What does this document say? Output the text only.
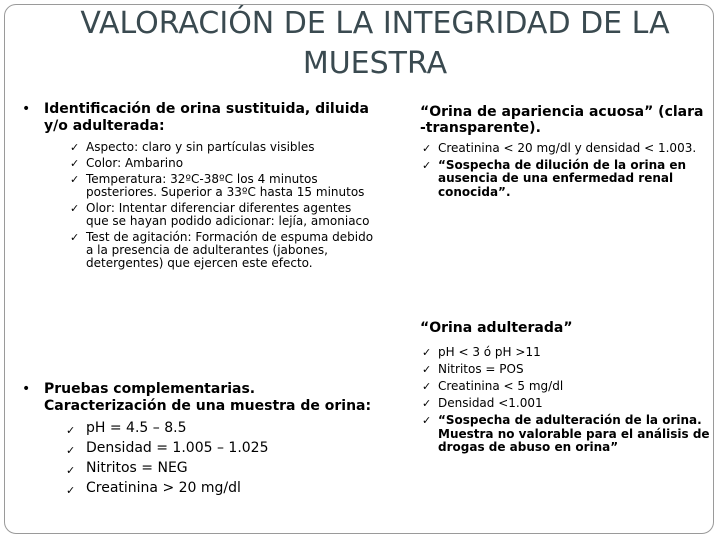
VALORACIÓN DE LA INTEGRIDAD DE LA MUESTRA
• Identificación de orina sustituida, diluida y/o adulterada:
✓ Aspecto: claro y sin partículas visibles
✓ Color: Ambarino
✓ Temperatura: 32ºC-38ºC los 4 minutos posteriores. Superior a 33ºC hasta 15 minutos
✓ Olor: Intentar diferenciar diferentes agentes que se hayan podido adicionar: lejía, amoniaco
✓ Test de agitación: Formación de espuma debido a la presencia de adulterantes (jabones, detergentes) que ejercen este efecto.
• Pruebas complementarias. Caracterización de una muestra de orina:
✓ pH = 4.5 – 8.5
✓ Densidad = 1.005 – 1.025
✓ Nitritos = NEG
✓ Creatinina > 20 mg/dl
“Orina de apariencia acuosa” (clara -transparente).
✓ Creatinina < 20 mg/dl y densidad < 1.003.
✓ “Sospecha de dilución de la orina en ausencia de una enfermedad renal conocida”.
“Orina adulterada”
✓ pH < 3 ó pH >11
✓ Nitritos = POS
✓ Creatinina < 5 mg/dl
✓ Densidad <1.001
✓ “Sospecha de adulteración de la orina. Muestra no valorable para el análisis de drogas de abuso en orina”
